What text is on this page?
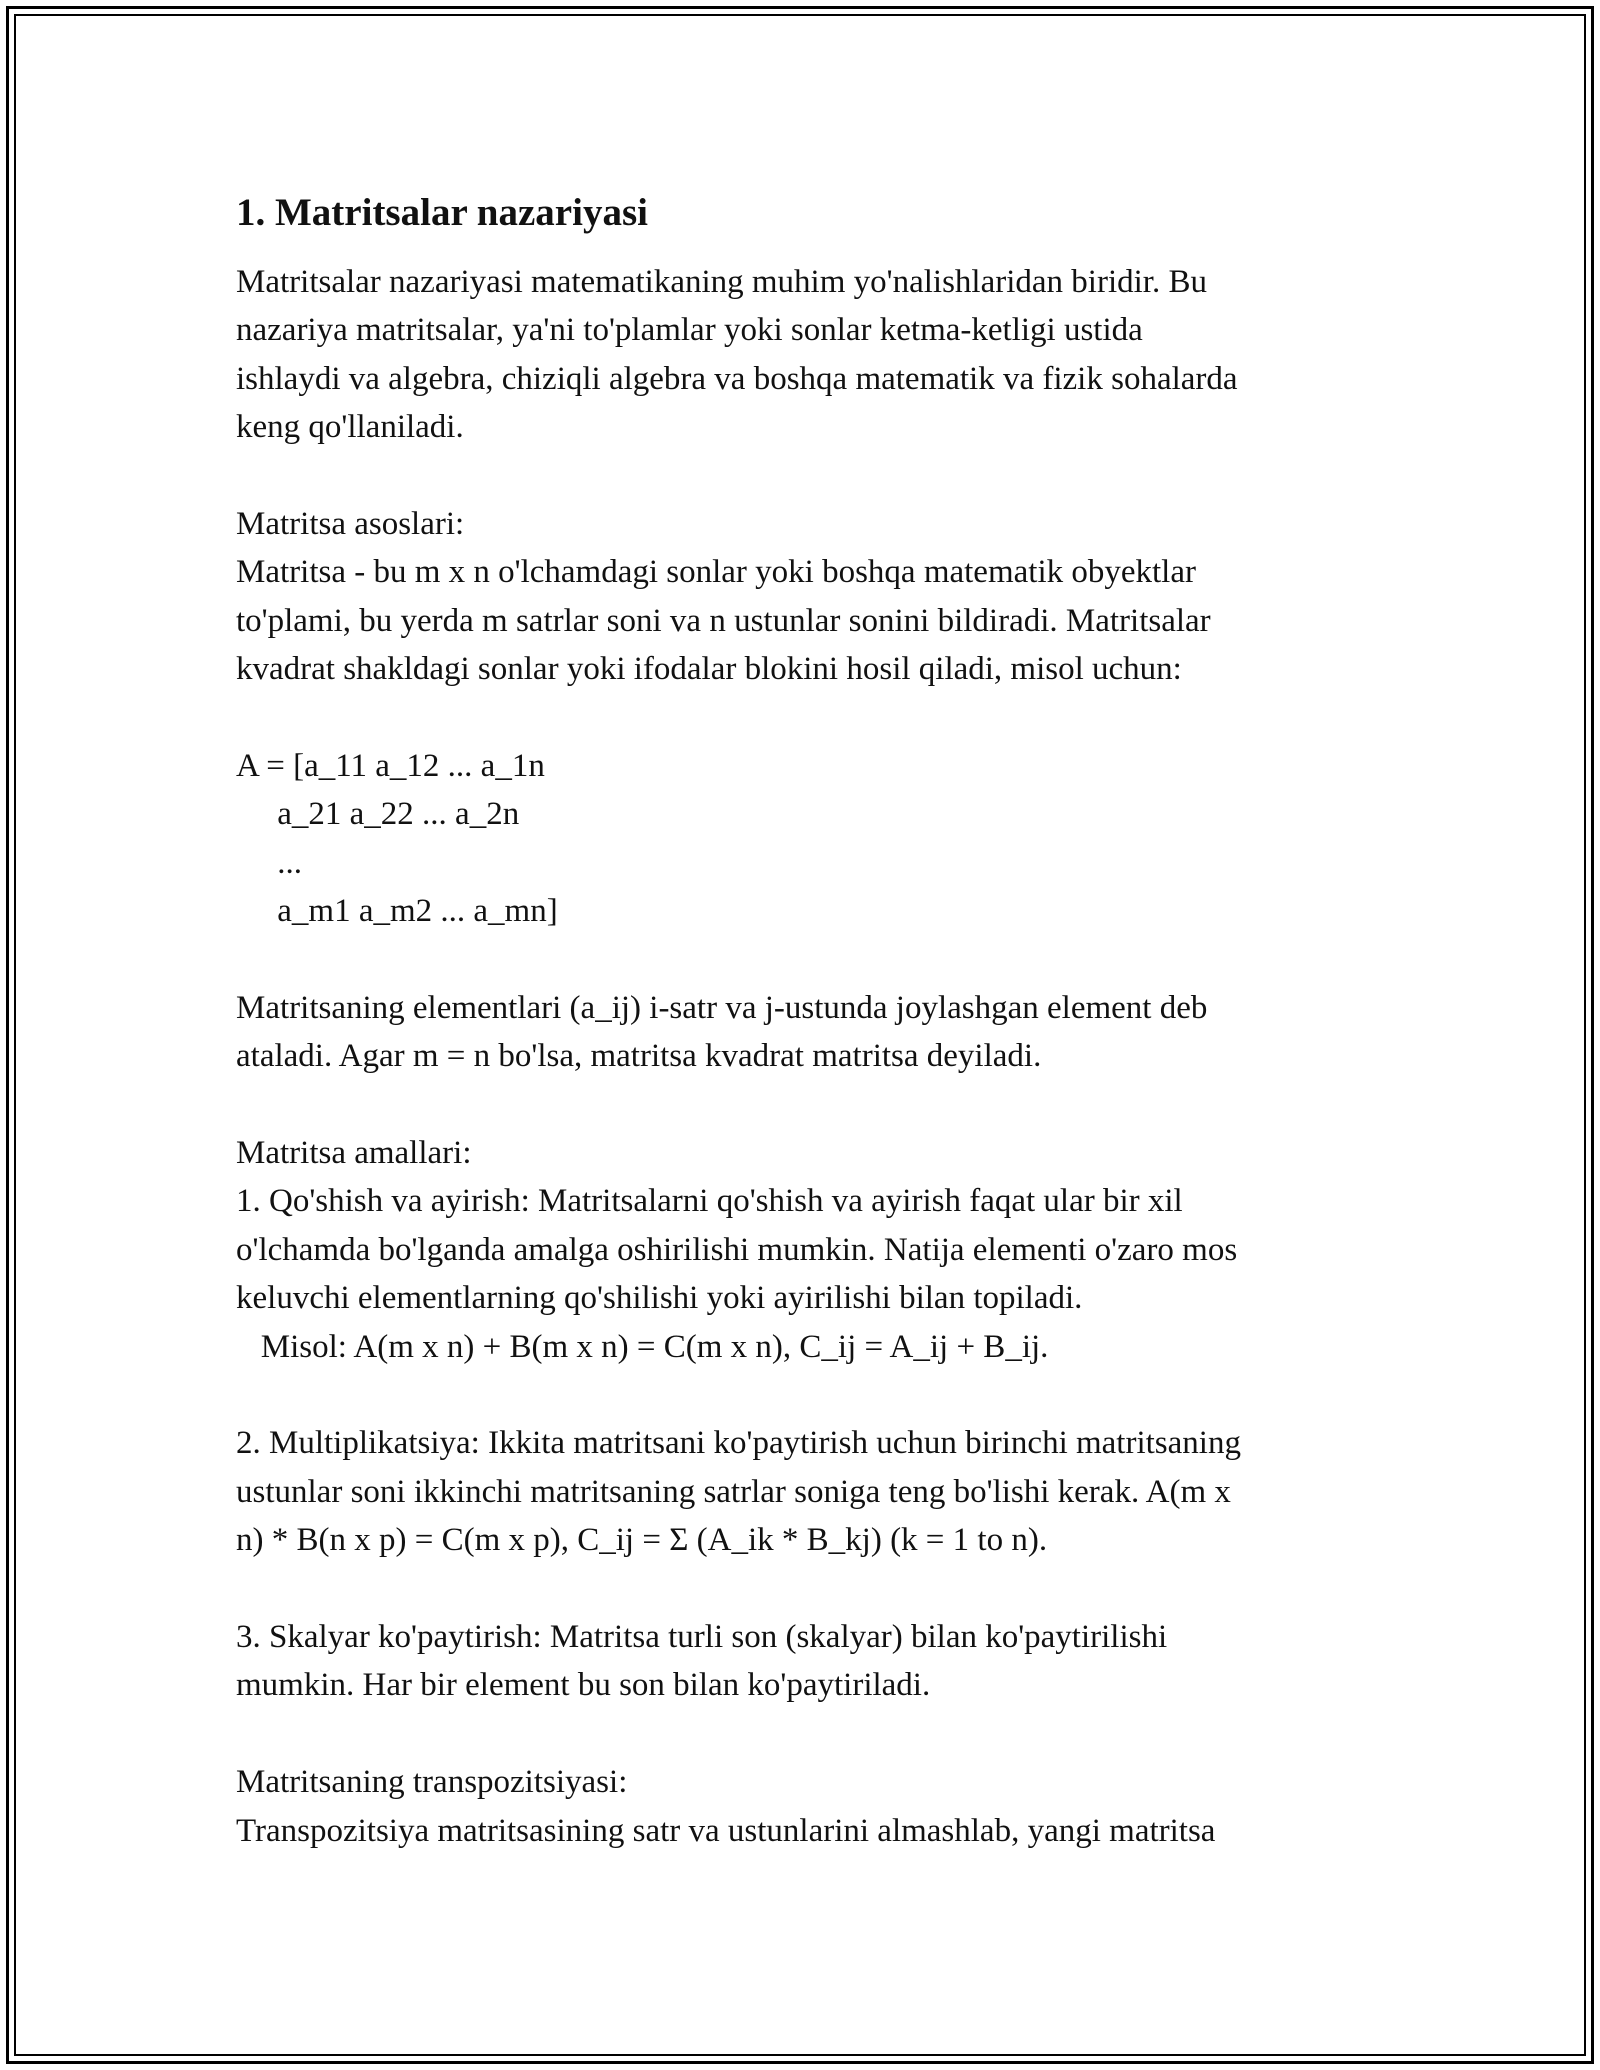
1. Matritsalar nazariyasi
Matritsalar nazariyasi matematikaning muhim yo'nalishlaridan biridir. Bu
nazariya matritsalar, ya'ni to'plamlar yoki sonlar ketma-ketligi ustida
ishlaydi va algebra, chiziqli algebra va boshqa matematik va fizik sohalarda
keng qo'llaniladi.
Matritsa asoslari:
Matritsa - bu m x n o'lchamdagi sonlar yoki boshqa matematik obyektlar
to'plami, bu yerda m satrlar soni va n ustunlar sonini bildiradi. Matritsalar
kvadrat shakldagi sonlar yoki ifodalar blokini hosil qiladi, misol uchun:
A = [a_11 a_12 ... a_1n
a_21 a_22 ... a_2n
...
a_m1 a_m2 ... a_mn]
Matritsaning elementlari (a_ij) i-satr va j-ustunda joylashgan element deb
ataladi. Agar m = n bo'lsa, matritsa kvadrat matritsa deyiladi.
Matritsa amallari:
1. Qo'shish va ayirish: Matritsalarni qo'shish va ayirish faqat ular bir xil
o'lchamda bo'lganda amalga oshirilishi mumkin. Natija elementi o'zaro mos
keluvchi elementlarning qo'shilishi yoki ayirilishi bilan topiladi.
Misol: A(m x n) + B(m x n) = C(m x n), C_ij = A_ij + B_ij.
2. Multiplikatsiya: Ikkita matritsani ko'paytirish uchun birinchi matritsaning
ustunlar soni ikkinchi matritsaning satrlar soniga teng bo'lishi kerak. A(m x
n) * B(n x p) = C(m x p), C_ij = Σ (A_ik * B_kj) (k = 1 to n).
3. Skalyar ko'paytirish: Matritsa turli son (skalyar) bilan ko'paytirilishi
mumkin. Har bir element bu son bilan ko'paytiriladi.
Matritsaning transpozitsiyasi:
Transpozitsiya matritsasining satr va ustunlarini almashlab, yangi matritsa
